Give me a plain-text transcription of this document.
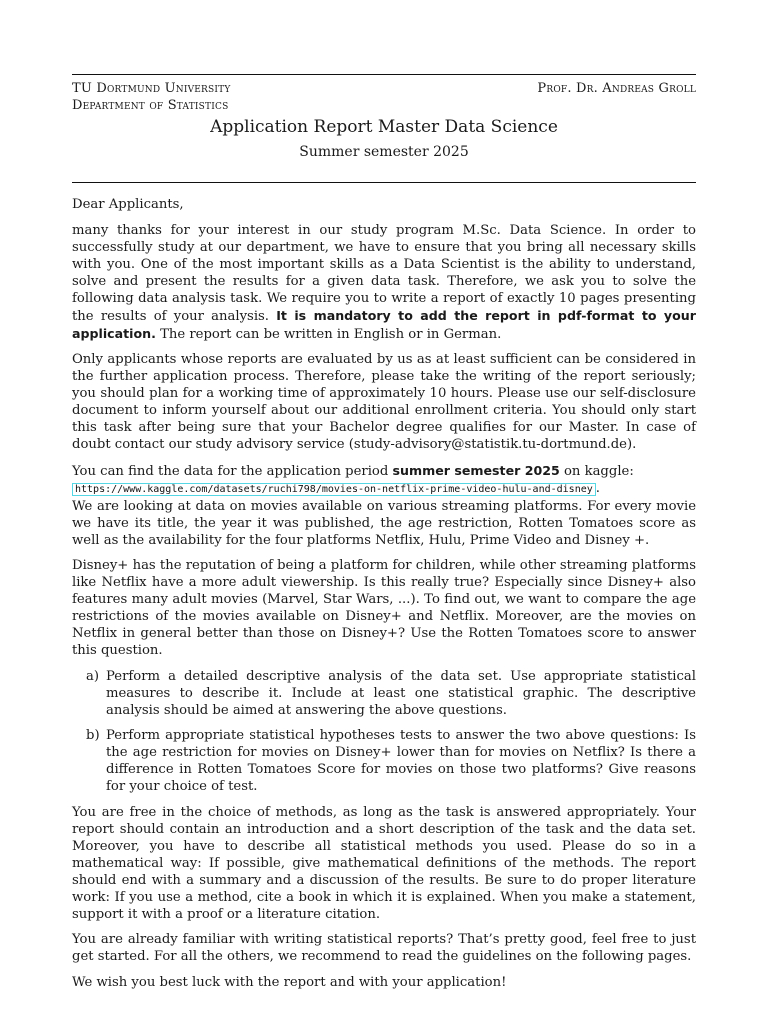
TU Dortmund University
Department of Statistics
Prof. Dr. Andreas Groll
Application Report Master Data Science
Summer semester 2025

Dear Applicants,

many thanks for your interest in our study program M.Sc. Data Science. In order to successfully study at our department, we have to ensure that you bring all necessary skills with you. One of the most important skills as a Data Scientist is the ability to understand, solve and present the results for a given data task. Therefore, we ask you to solve the following data analysis task. We require you to write a report of exactly 10 pages presenting the results of your analysis. It is mandatory to add the report in pdf-format to your application. The report can be written in English or in German.

Only applicants whose reports are evaluated by us as at least sufficient can be considered in the further application process. Therefore, please take the writing of the report seriously; you should plan for a working time of approximately 10 hours. Please use our self-disclosure document to inform yourself about our additional enrollment criteria. You should only start this task after being sure that your Bachelor degree qualifies for our Master. In case of doubt contact our study advisory service (study-advisory@statistik.tu-dortmund.de).

You can find the data for the application period summer semester 2025 on kaggle:
https://www.kaggle.com/datasets/ruchi798/movies-on-netflix-prime-video-hulu-and-disney .
We are looking at data on movies available on various streaming platforms. For every movie we have its title, the year it was published, the age restriction, Rotten Tomatoes score as well as the availability for the four platforms Netflix, Hulu, Prime Video and Disney +.

Disney+ has the reputation of being a platform for children, while other streaming platforms like Netflix have a more adult viewership. Is this really true? Especially since Disney+ also features many adult movies (Marvel, Star Wars, ...). To find out, we want to compare the age restrictions of the movies available on Disney+ and Netflix. Moreover, are the movies on Netflix in general better than those on Disney+? Use the Rotten Tomatoes score to answer this question.

a) Perform a detailed descriptive analysis of the data set. Use appropriate statistical measures to describe it. Include at least one statistical graphic. The descriptive analysis should be aimed at answering the above questions.
b) Perform appropriate statistical hypotheses tests to answer the two above questions: Is the age restriction for movies on Disney+ lower than for movies on Netflix? Is there a difference in Rotten Tomatoes Score for movies on those two platforms? Give reasons for your choice of test.

You are free in the choice of methods, as long as the task is answered appropriately. Your report should contain an introduction and a short description of the task and the data set. Moreover, you have to describe all statistical methods you used. Please do so in a mathematical way: If possible, give mathematical definitions of the methods. The report should end with a summary and a discussion of the results. Be sure to do proper literature work: If you use a method, cite a book in which it is explained. When you make a statement, support it with a proof or a literature citation.

You are already familiar with writing statistical reports? That’s pretty good, feel free to just get started. For all the others, we recommend to read the guidelines on the following pages.

We wish you best luck with the report and with your application!
